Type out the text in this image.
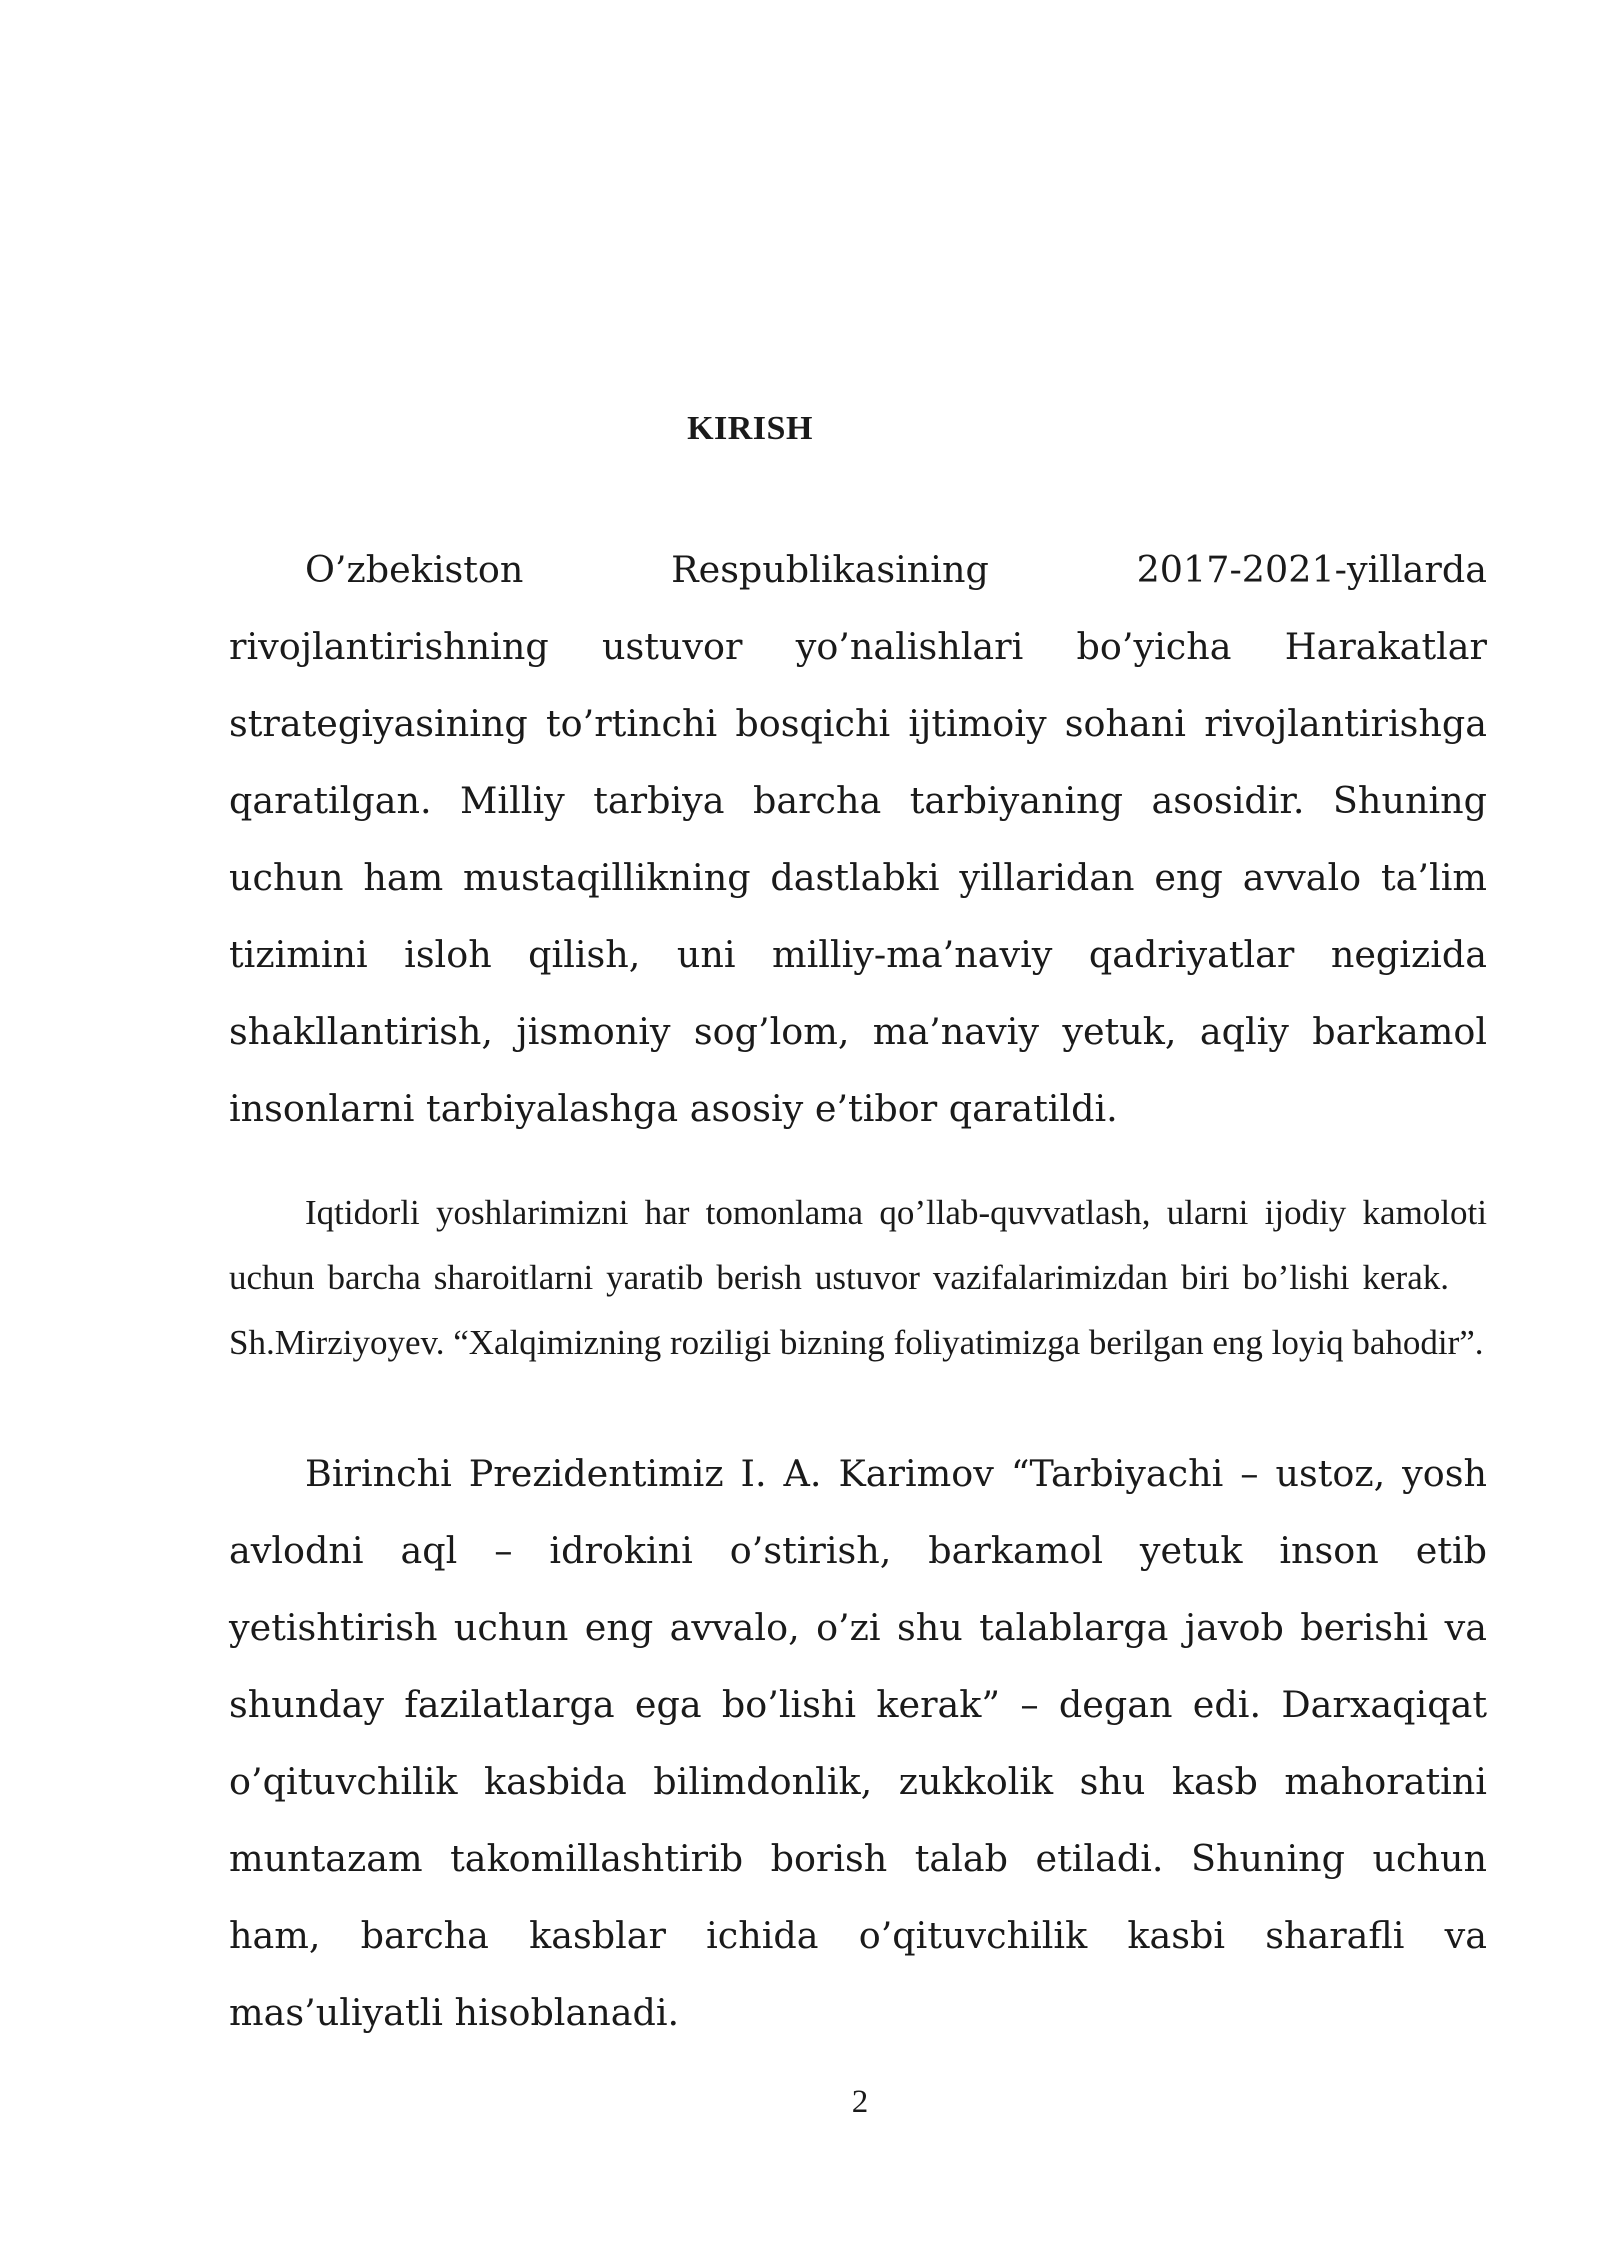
KIRISH

O’zbekiston Respublikasining 2017-2021-yillarda rivojlantirishning ustuvor yo’nalishlari bo’yicha Harakatlar strategiyasining to’rtinchi bosqichi ijtimoiy sohani rivojlantirishga qaratilgan. Milliy tarbiya barcha tarbiyaning asosidir. Shuning uchun ham mustaqillikning dastlabki yillaridan eng avvalo ta’lim tizimini isloh qilish, uni milliy-ma’naviy qadriyatlar negizida shakllantirish, jismoniy sog’lom, ma’naviy yetuk, aqliy barkamol insonlarni tarbiyalashga asosiy e’tibor qaratildi.

Iqtidorli yoshlarimizni har tomonlama qo’llab-quvvatlash, ularni ijodiy kamoloti uchun barcha sharoitlarni yaratib berish ustuvor vazifalarimizdan biri bo’lishi kerak.Sh.Mirziyoyev. “Xalqimizning roziligi bizning foliyatimizga berilgan eng loyiq bahodir”.

Birinchi Prezidentimiz I. A. Karimov “Tarbiyachi – ustoz, yosh avlodni aql – idrokini o’stirish, barkamol yetuk inson etib yetishtirish uchun eng avvalo, o’zi shu talablarga javob berishi va shunday fazilatlarga ega bo’lishi kerak” – degan edi. Darxaqiqat o’qituvchilik kasbida bilimdonlik, zukkolik shu kasb mahoratini muntazam takomillashtirib borish talab etiladi. Shuning uchun ham, barcha kasblar ichida o’qituvchilik kasbi sharafli va mas’uliyatli hisoblanadi.

2
